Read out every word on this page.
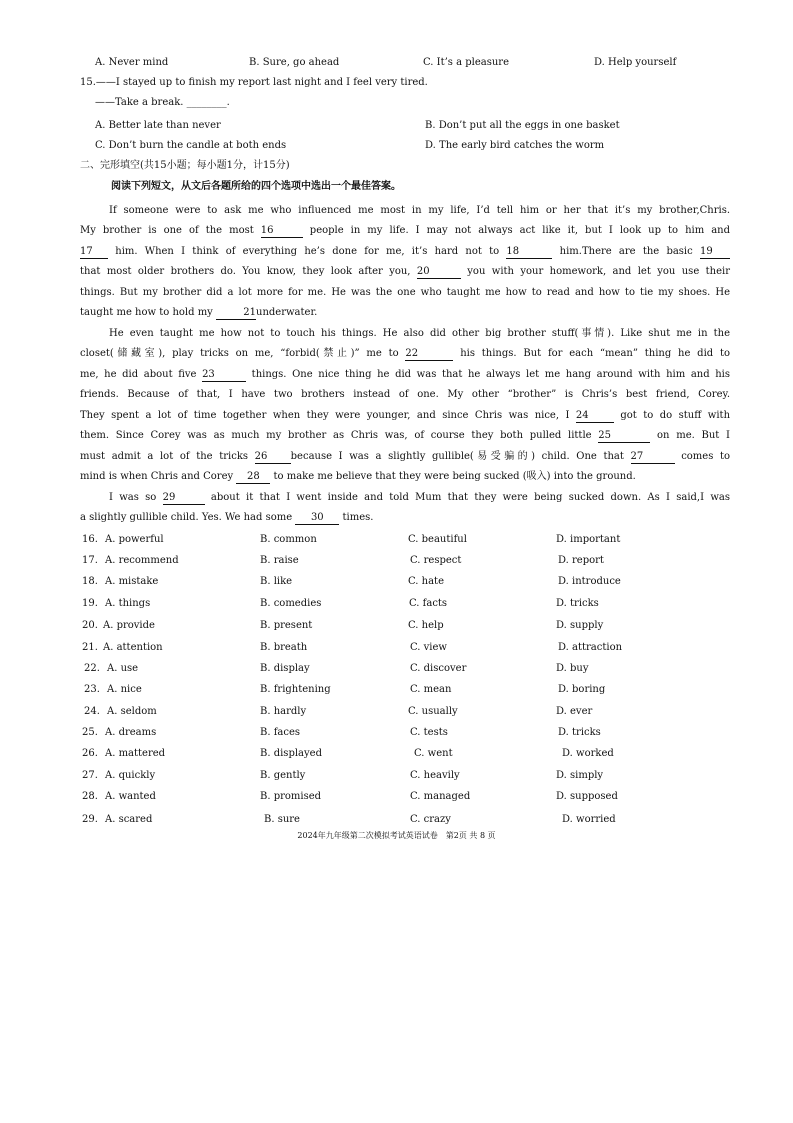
A. Never mind	B. Sure, go ahead	C. It’s a pleasure	D. Help yourself
15.——I stayed up to finish my report last night and I feel very tired.
——Take a break. ________.
A. Better late than never	B. Don’t put all the eggs in one basket
C. Don’t burn the candle at both ends	D. The early bird catches the worm
二、完形填空(共15小题；每小题1分，计15分)
阅读下列短文，从文后各题所给的四个选项中选出一个最佳答案。
If someone were to ask me who influenced me most in my life, I’d tell him or her that it’s my brother,Chris.
My brother is one of the most 16	people in my life. I may not always act like it, but I look up to him and
17 him. When I think of everything he’s done for me, it’s hard not to 18	him.There are the basic 19
that most older brothers do. You know, they look after you, 20	you with your homework, and let you use their
things. But my brother did a lot more for me. He was the one who taught me how to read and how to tie my shoes. He
taught me how to hold my	21underwater.
He even taught me how not to touch his things. He also did other big brother stuff(事情). Like shut me in the
closet(储藏室), play tricks on me, “forbid(禁止)” me to 22	his things. But for each “mean” thing he did to
me, he did about five 23	things. One nice thing he did was that he always let me hang around with him and his
friends. Because of that, I have two brothers instead of one. My other “brother” is Chris’s best friend, Corey.
They spent a lot of time together when they were younger, and since Chris was nice, I 24	got to do stuff with
them. Since Corey was as much my brother as Chris was, of course they both pulled little 25	on me. But I
must admit a lot of the tricks 26 because I was a slightly gullible(易受骗的) child. One that 27	comes to
mind is when Chris and Corey 28 to make me believe that they were being sucked (吸入) into the ground.
I was so 29	about it that I went inside and told Mum that they were being sucked down. As I said,I was
a slightly gullible child. Yes. We had some 30 times.
16. A. powerful	B. common	C. beautiful	D. important
17. A. recommend	B. raise	C. respect	D. report
18. A. mistake	B. like	C. hate	D. introduce
19. A. things	B. comedies	C. facts	D. tricks
20. A. provide	B. present	C. help	D. supply
21. A. attention	B. breath	C. view	D. attraction
22. A. use	B. display	C. discover	D. buy
23. A. nice	B. frightening	C. mean	D. boring
24. A. seldom	B. hardly	C. usually	D. ever
25. A. dreams	B. faces	C. tests	D. tricks
26. A. mattered	B. displayed	C. went	D. worked
27. A. quickly	B. gently	C. heavily	D. simply
28. A. wanted	B. promised	C. managed	D. supposed
29. A. scared	B. sure	C. crazy	D. worried
2024年九年级第二次模拟考试英语试卷　第2页 共 8 页
